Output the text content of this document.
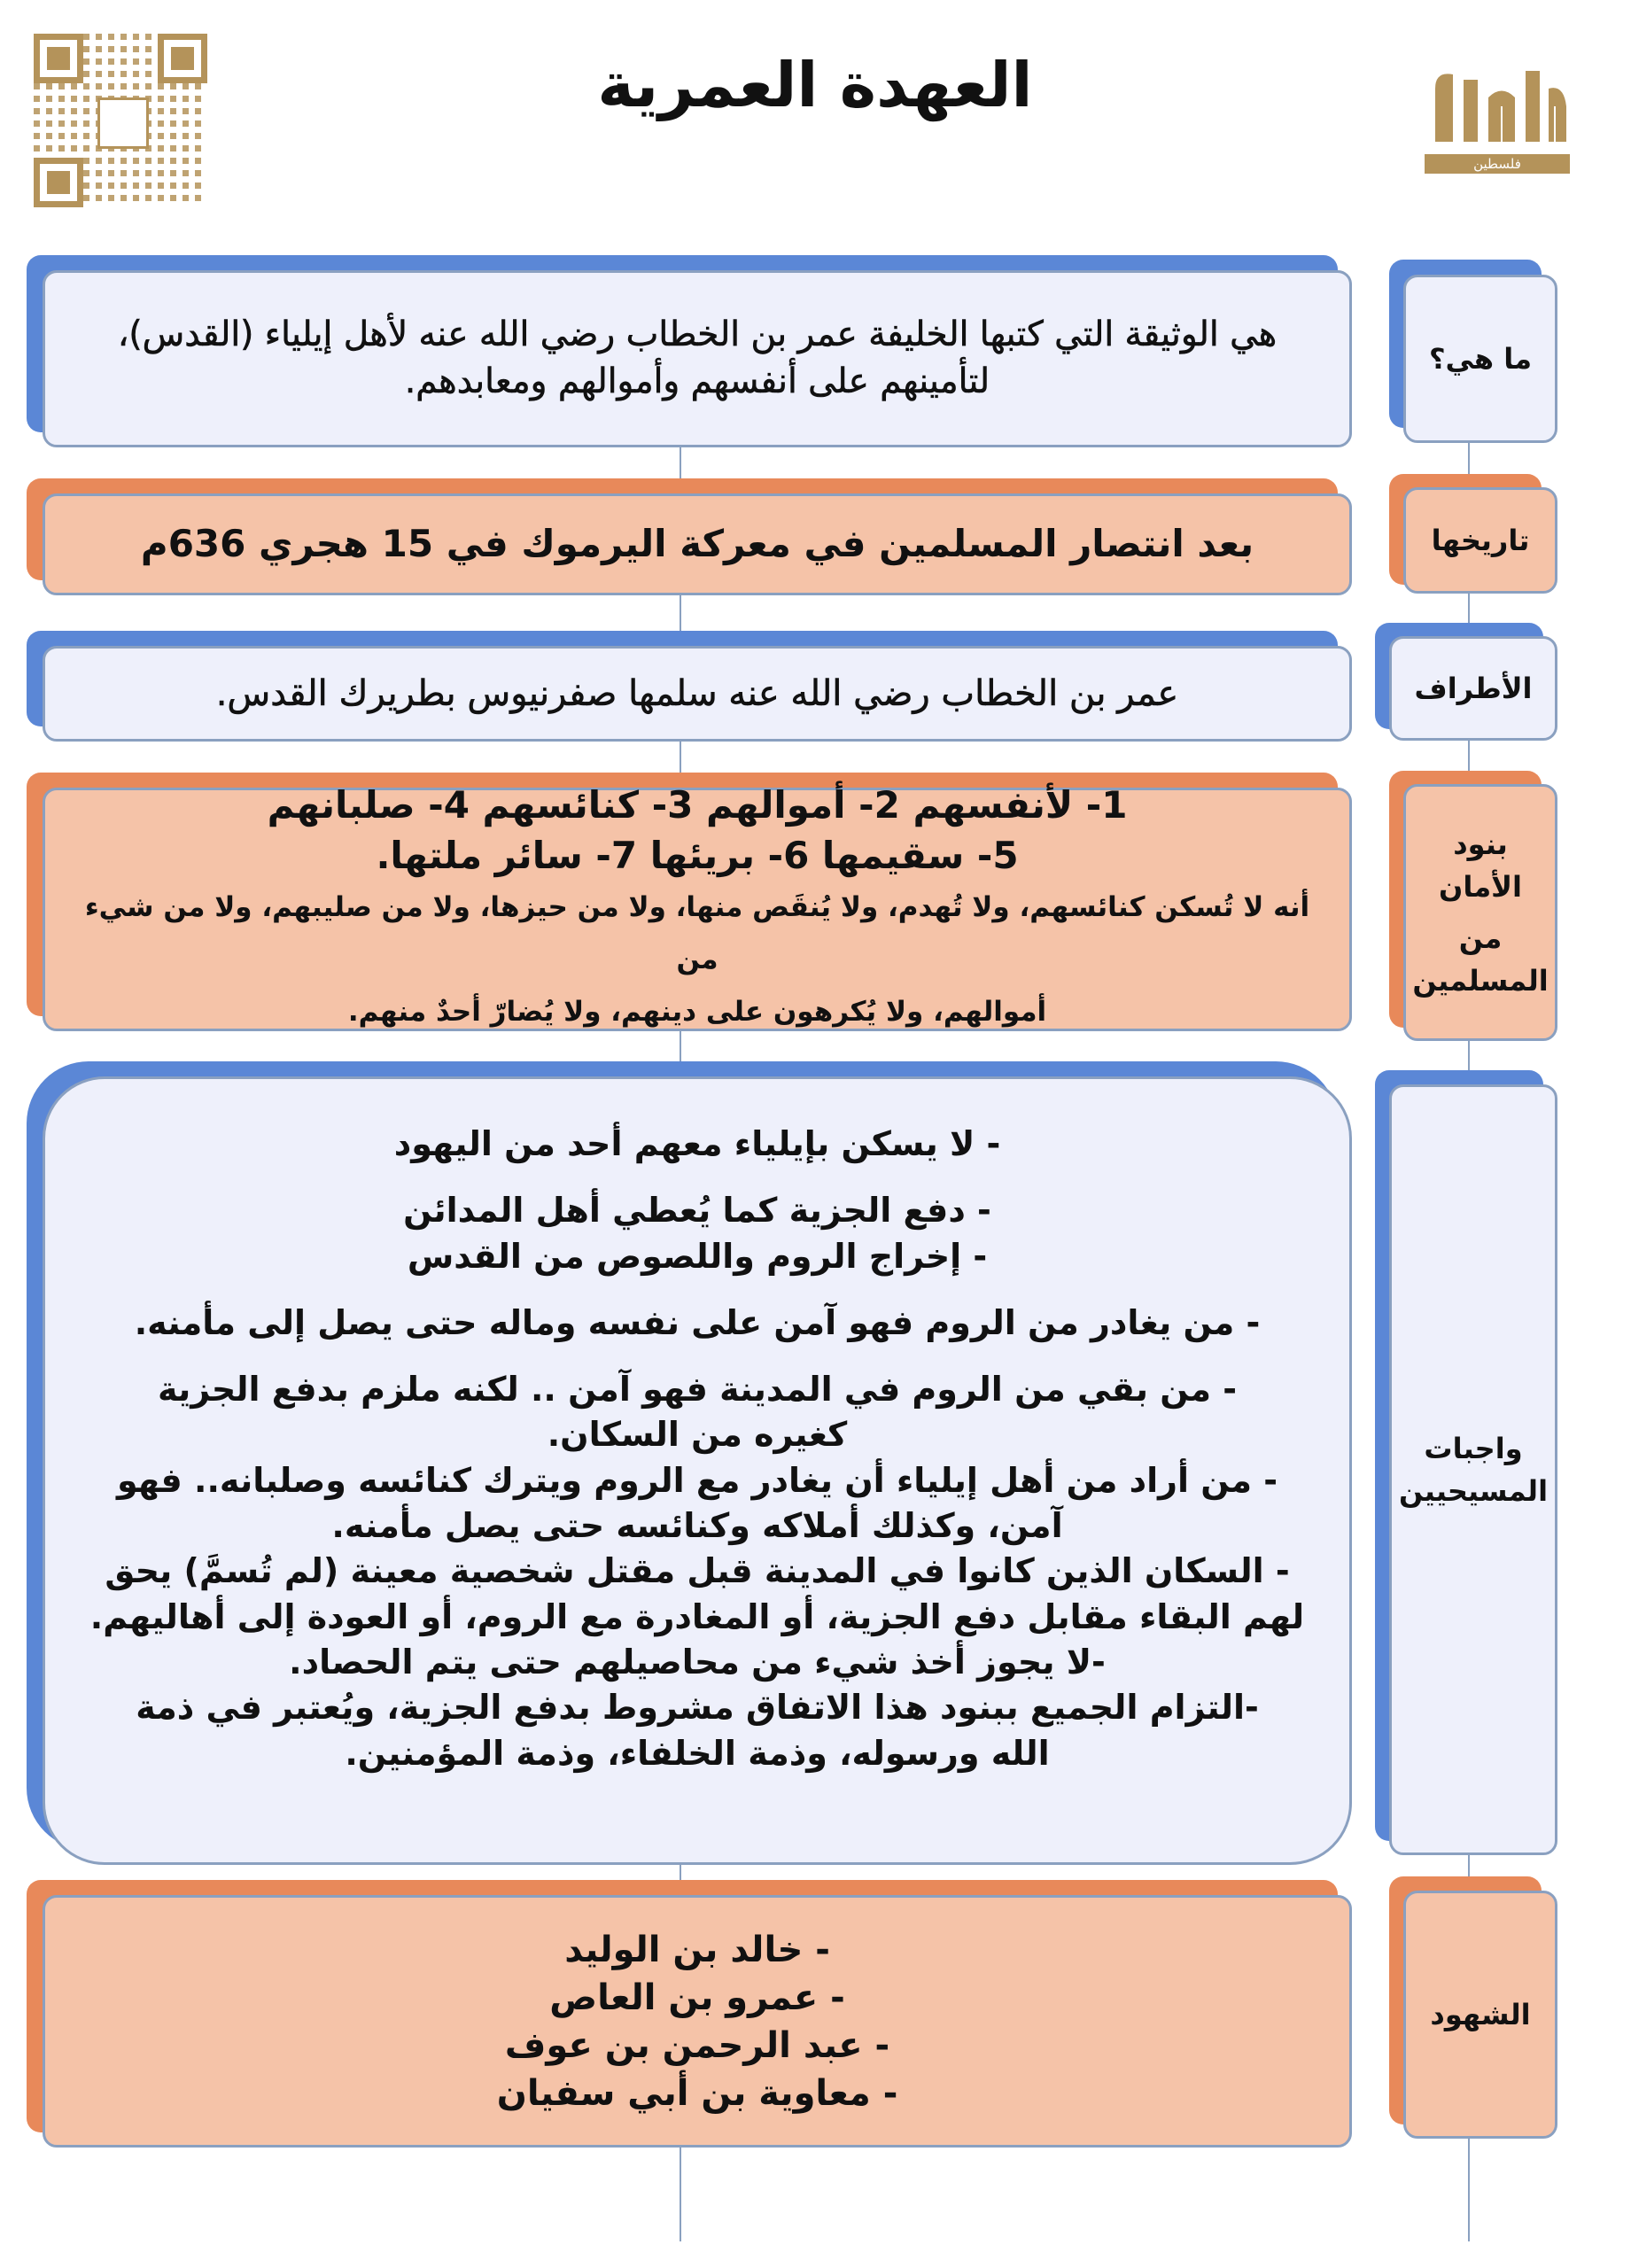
العهدة العمرية
فلسطين
هي الوثيقة التي كتبها الخليفة عمر بن الخطاب رضي الله عنه لأهل إيلياء (القدس)، لتأمينهم على أنفسهم وأموالهم ومعابدهم.
ما هي؟
بعد انتصار المسلمين في معركة اليرموك في 15 هجري 636م	تاريخها
عمر بن الخطاب رضي الله عنه سلمها صفرنيوس بطريرك القدس.	الأطراف

1- لأنفسهم 2- أموالهم 3- كنائسهم 4- صلبانهم

5- سقيمها 6- بريئها 7- سائر ملتها.

أنه لا تُسكن كنائسهم، ولا تُهدم، ولا يُنقَص منها، ولا من حيزها، ولا من صليبهم، ولا من شيء من

أموالهم، ولا يُكرهون على دينهم، ولا يُضارّ أحدٌ منهم.

بنود
الأمان
من
المسلمين
- لا يسكن بإيلياء معهم أحد من اليهود
- دفع الجزية كما يُعطي أهل المدائن
- إخراج الروم واللصوص من القدس
- من يغادر من الروم فهو آمن على نفسه وماله حتى يصل إلى مأمنه.
- من بقي من الروم في المدينة فهو آمن .. لكنه ملزم بدفع الجزية كغيره من السكان.
- من أراد من أهل إيلياء أن يغادر مع الروم ويترك كنائسه وصلبانه.. فهو آمن، وكذلك أملاكه وكنائسه حتى يصل مأمنه.
- السكان الذين كانوا في المدينة قبل مقتل شخصية معينة (لم تُسمَّ) يحق لهم البقاء مقابل دفع الجزية، أو المغادرة مع الروم، أو العودة إلى أهاليهم.
-لا يجوز أخذ شيء من محاصيلهم حتى يتم الحصاد.
-التزام الجميع ببنود هذا الاتفاق مشروط بدفع الجزية، ويُعتبر في ذمة الله ورسوله، وذمة الخلفاء، وذمة المؤمنين.
واجبات
المسيحيين
- خالد بن الوليد
- عمرو بن العاص
- عبد الرحمن بن عوف
- معاوية بن أبي سفيان
الشهود
